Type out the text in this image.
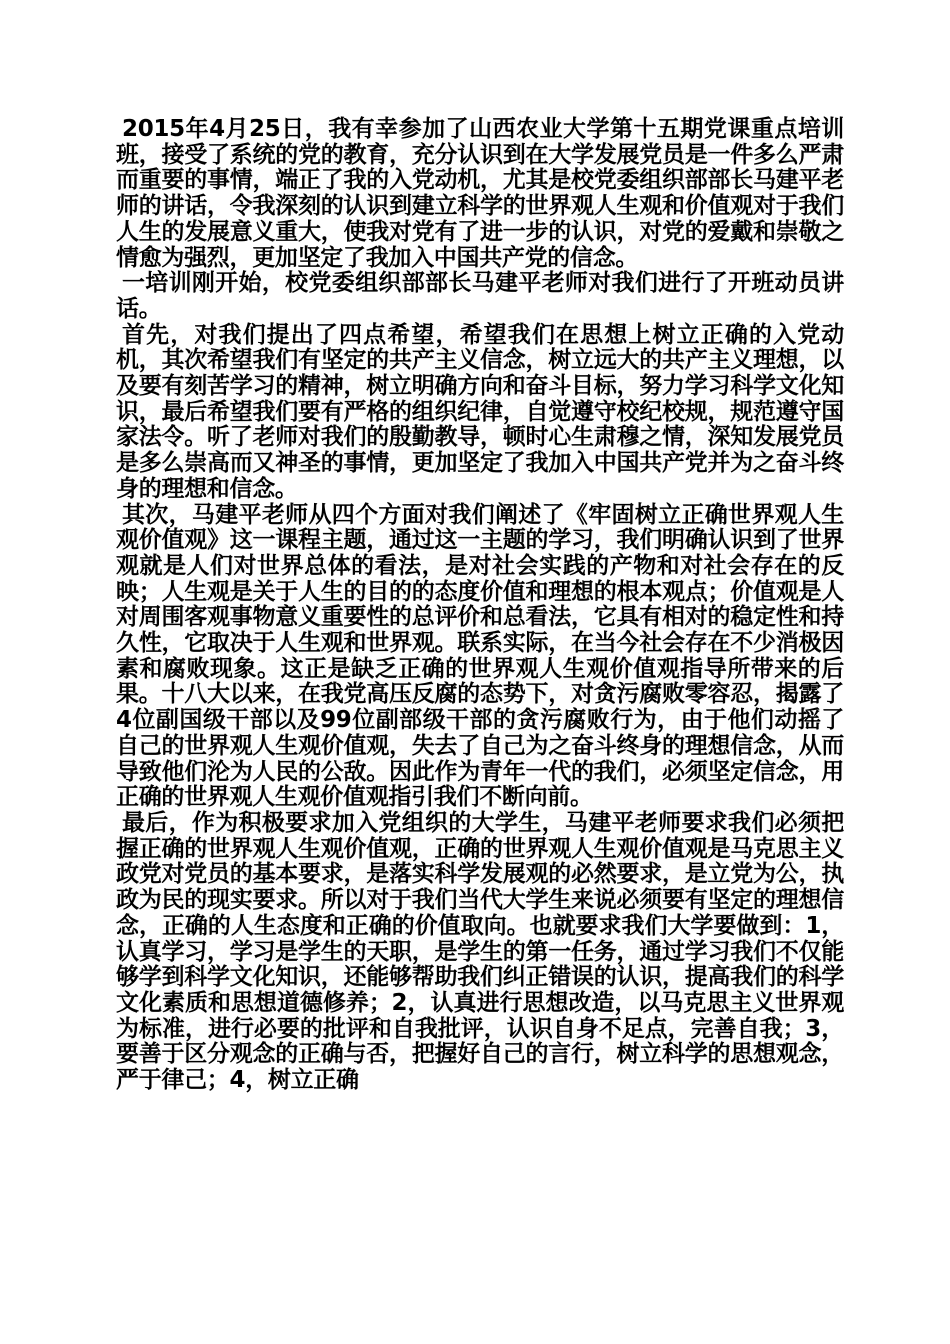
2015年4月25日，我有幸参加了山西农业大学第十五期党课重点培训班，接受了系统的党的教育，充分认识到在大学发展党员是一件多么严肃而重要的事情，端正了我的入党动机，尤其是校党委组织部部长马建平老师的讲话，令我深刻的认识到建立科学的世界观人生观和价值观对于我们人生的发展意义重大，使我对党有了进一步的认识，对党的爱戴和崇敬之情愈为强烈，更加坚定了我加入中国共产党的信念。

一培训刚开始，校党委组织部部长马建平老师对我们进行了开班动员讲话。

首先，对我们提出了四点希望，希望我们在思想上树立正确的入党动机，其次希望我们有坚定的共产主义信念，树立远大的共产主义理想，以及要有刻苦学习的精神，树立明确方向和奋斗目标，努力学习科学文化知识，最后希望我们要有严格的组织纪律，自觉遵守校纪校规，规范遵守国家法令。听了老师对我们的殷勤教导，顿时心生肃穆之情，深知发展党员是多么崇高而又神圣的事情，更加坚定了我加入中国共产党并为之奋斗终身的理想和信念。

其次，马建平老师从四个方面对我们阐述了《牢固树立正确世界观人生观价值观》这一课程主题，通过这一主题的学习，我们明确认识到了世界观就是人们对世界总体的看法，是对社会实践的产物和对社会存在的反映；人生观是关于人生的目的的态度价值和理想的根本观点；价值观是人对周围客观事物意义重要性的总评价和总看法，它具有相对的稳定性和持久性，它取决于人生观和世界观。联系实际，在当今社会存在不少消极因素和腐败现象。这正是缺乏正确的世界观人生观价值观指导所带来的后果。十八大以来，在我党高压反腐的态势下，对贪污腐败零容忍，揭露了4位副国级干部以及99位副部级干部的贪污腐败行为，由于他们动摇了自己的世界观人生观价值观，失去了自己为之奋斗终身的理想信念，从而导致他们沦为人民的公敌。因此作为青年一代的我们，必须坚定信念，用正确的世界观人生观价值观指引我们不断向前。

最后，作为积极要求加入党组织的大学生，马建平老师要求我们必须把握正确的世界观人生观价值观，正确的世界观人生观价值观是马克思主义政党对党员的基本要求，是落实科学发展观的必然要求，是立党为公，执政为民的现实要求。所以对于我们当代大学生来说必须要有坚定的理想信念，正确的人生态度和正确的价值取向。也就要求我们大学要做到：1，认真学习，学习是学生的天职，是学生的第一任务，通过学习我们不仅能够学到科学文化知识，还能够帮助我们纠正错误的认识，提高我们的科学文化素质和思想道德修养；2，认真进行思想改造，以马克思主义世界观为标准，进行必要的批评和自我批评，认识自身不足点，完善自我；3，要善于区分观念的正确与否，把握好自己的言行，树立科学的思想观念，严于律己；4，树立正确
